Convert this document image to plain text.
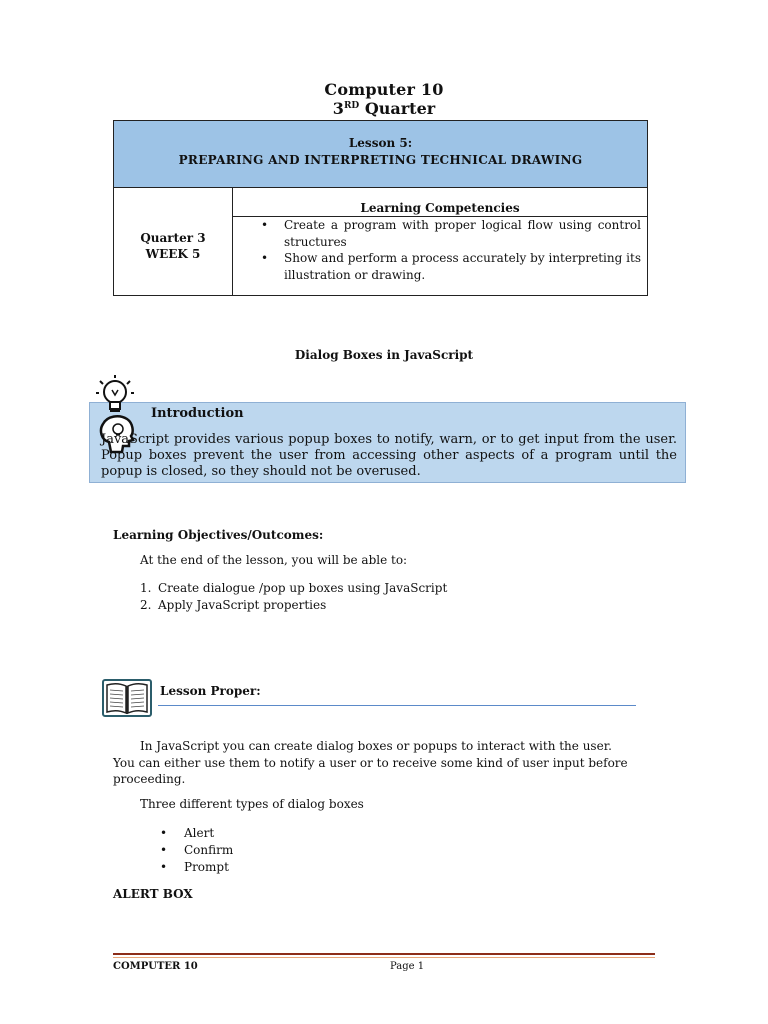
Computer 10
3RD Quarter
Lesson 5:
PREPARING AND INTERPRETING TECHNICAL DRAWING
Quarter 3
WEEK 5
Learning Competencies
• Create a program with proper logical flow using control structures
• Show and perform a process accurately by interpreting its illustration or drawing.
Dialog Boxes in JavaScript
Introduction
JavaScript provides various popup boxes to notify, warn, or to get input from the user. Popup boxes prevent the user from accessing other aspects of a program until the popup is closed, so they should not be overused.
Learning Objectives/Outcomes:
At the end of the lesson, you will be able to:
1. Create dialogue /pop up boxes using JavaScript
2. Apply JavaScript properties
Lesson Proper:
In JavaScript you can create dialog boxes or popups to interact with the user. You can either use them to notify a user or to receive some kind of user input before proceeding.
Three different types of dialog boxes
• Alert
• Confirm
• Prompt
ALERT BOX
COMPUTER 10	Page 1
